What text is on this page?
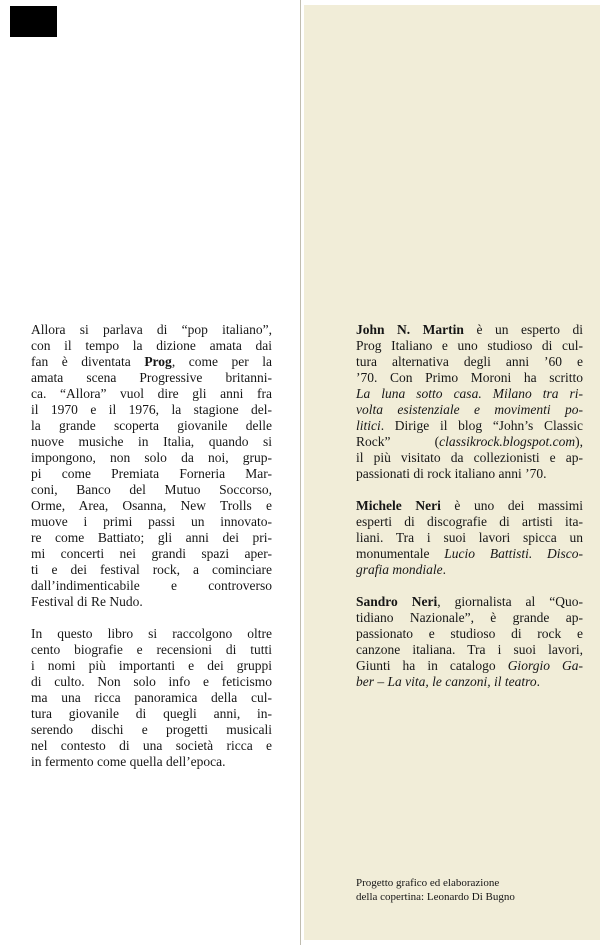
Allora si parlava di “pop italiano”,
con il tempo la dizione amata dai
fan è diventata Prog, come per la
amata scena Progressive britanni-
ca. “Allora” vuol dire gli anni fra
il 1970 e il 1976, la stagione del-
la grande scoperta giovanile delle
nuove musiche in Italia, quando si
impongono, non solo da noi, grup-
pi come Premiata Forneria Mar-
coni, Banco del Mutuo Soccorso,
Orme, Area, Osanna, New Trolls e
muove i primi passi un innovato-
re come Battiato; gli anni dei pri-
mi concerti nei grandi spazi aper-
ti e dei festival rock, a cominciare
dall’indimenticabile e controverso
Festival di Re Nudo.
In questo libro si raccolgono oltre
cento biografie e recensioni di tutti
i nomi più importanti e dei gruppi
di culto. Non solo info e feticismo
ma una ricca panoramica della cul-
tura giovanile di quegli anni, in-
serendo dischi e progetti musicali
nel contesto di una società ricca e
in fermento come quella dell’epoca.
John N. Martin è un esperto di
Prog Italiano e uno studioso di cul-
tura alternativa degli anni ’60 e
’70. Con Primo Moroni ha scritto
La luna sotto casa. Milano tra ri-
volta esistenziale e movimenti po-
litici. Dirige il blog “John’s Classic
Rock” (classikrock.blogspot.com),
il più visitato da collezionisti e ap-
passionati di rock italiano anni ’70.
Michele Neri è uno dei massimi
esperti di discografie di artisti ita-
liani. Tra i suoi lavori spicca un
monumentale Lucio Battisti. Disco-
grafia mondiale.
Sandro Neri, giornalista al “Quo-
tidiano Nazionale”, è grande ap-
passionato e studioso di rock e
canzone italiana. Tra i suoi lavori,
Giunti ha in catalogo Giorgio Ga-
ber – La vita, le canzoni, il teatro.
Progetto grafico ed elaborazione
della copertina: Leonardo Di Bugno
